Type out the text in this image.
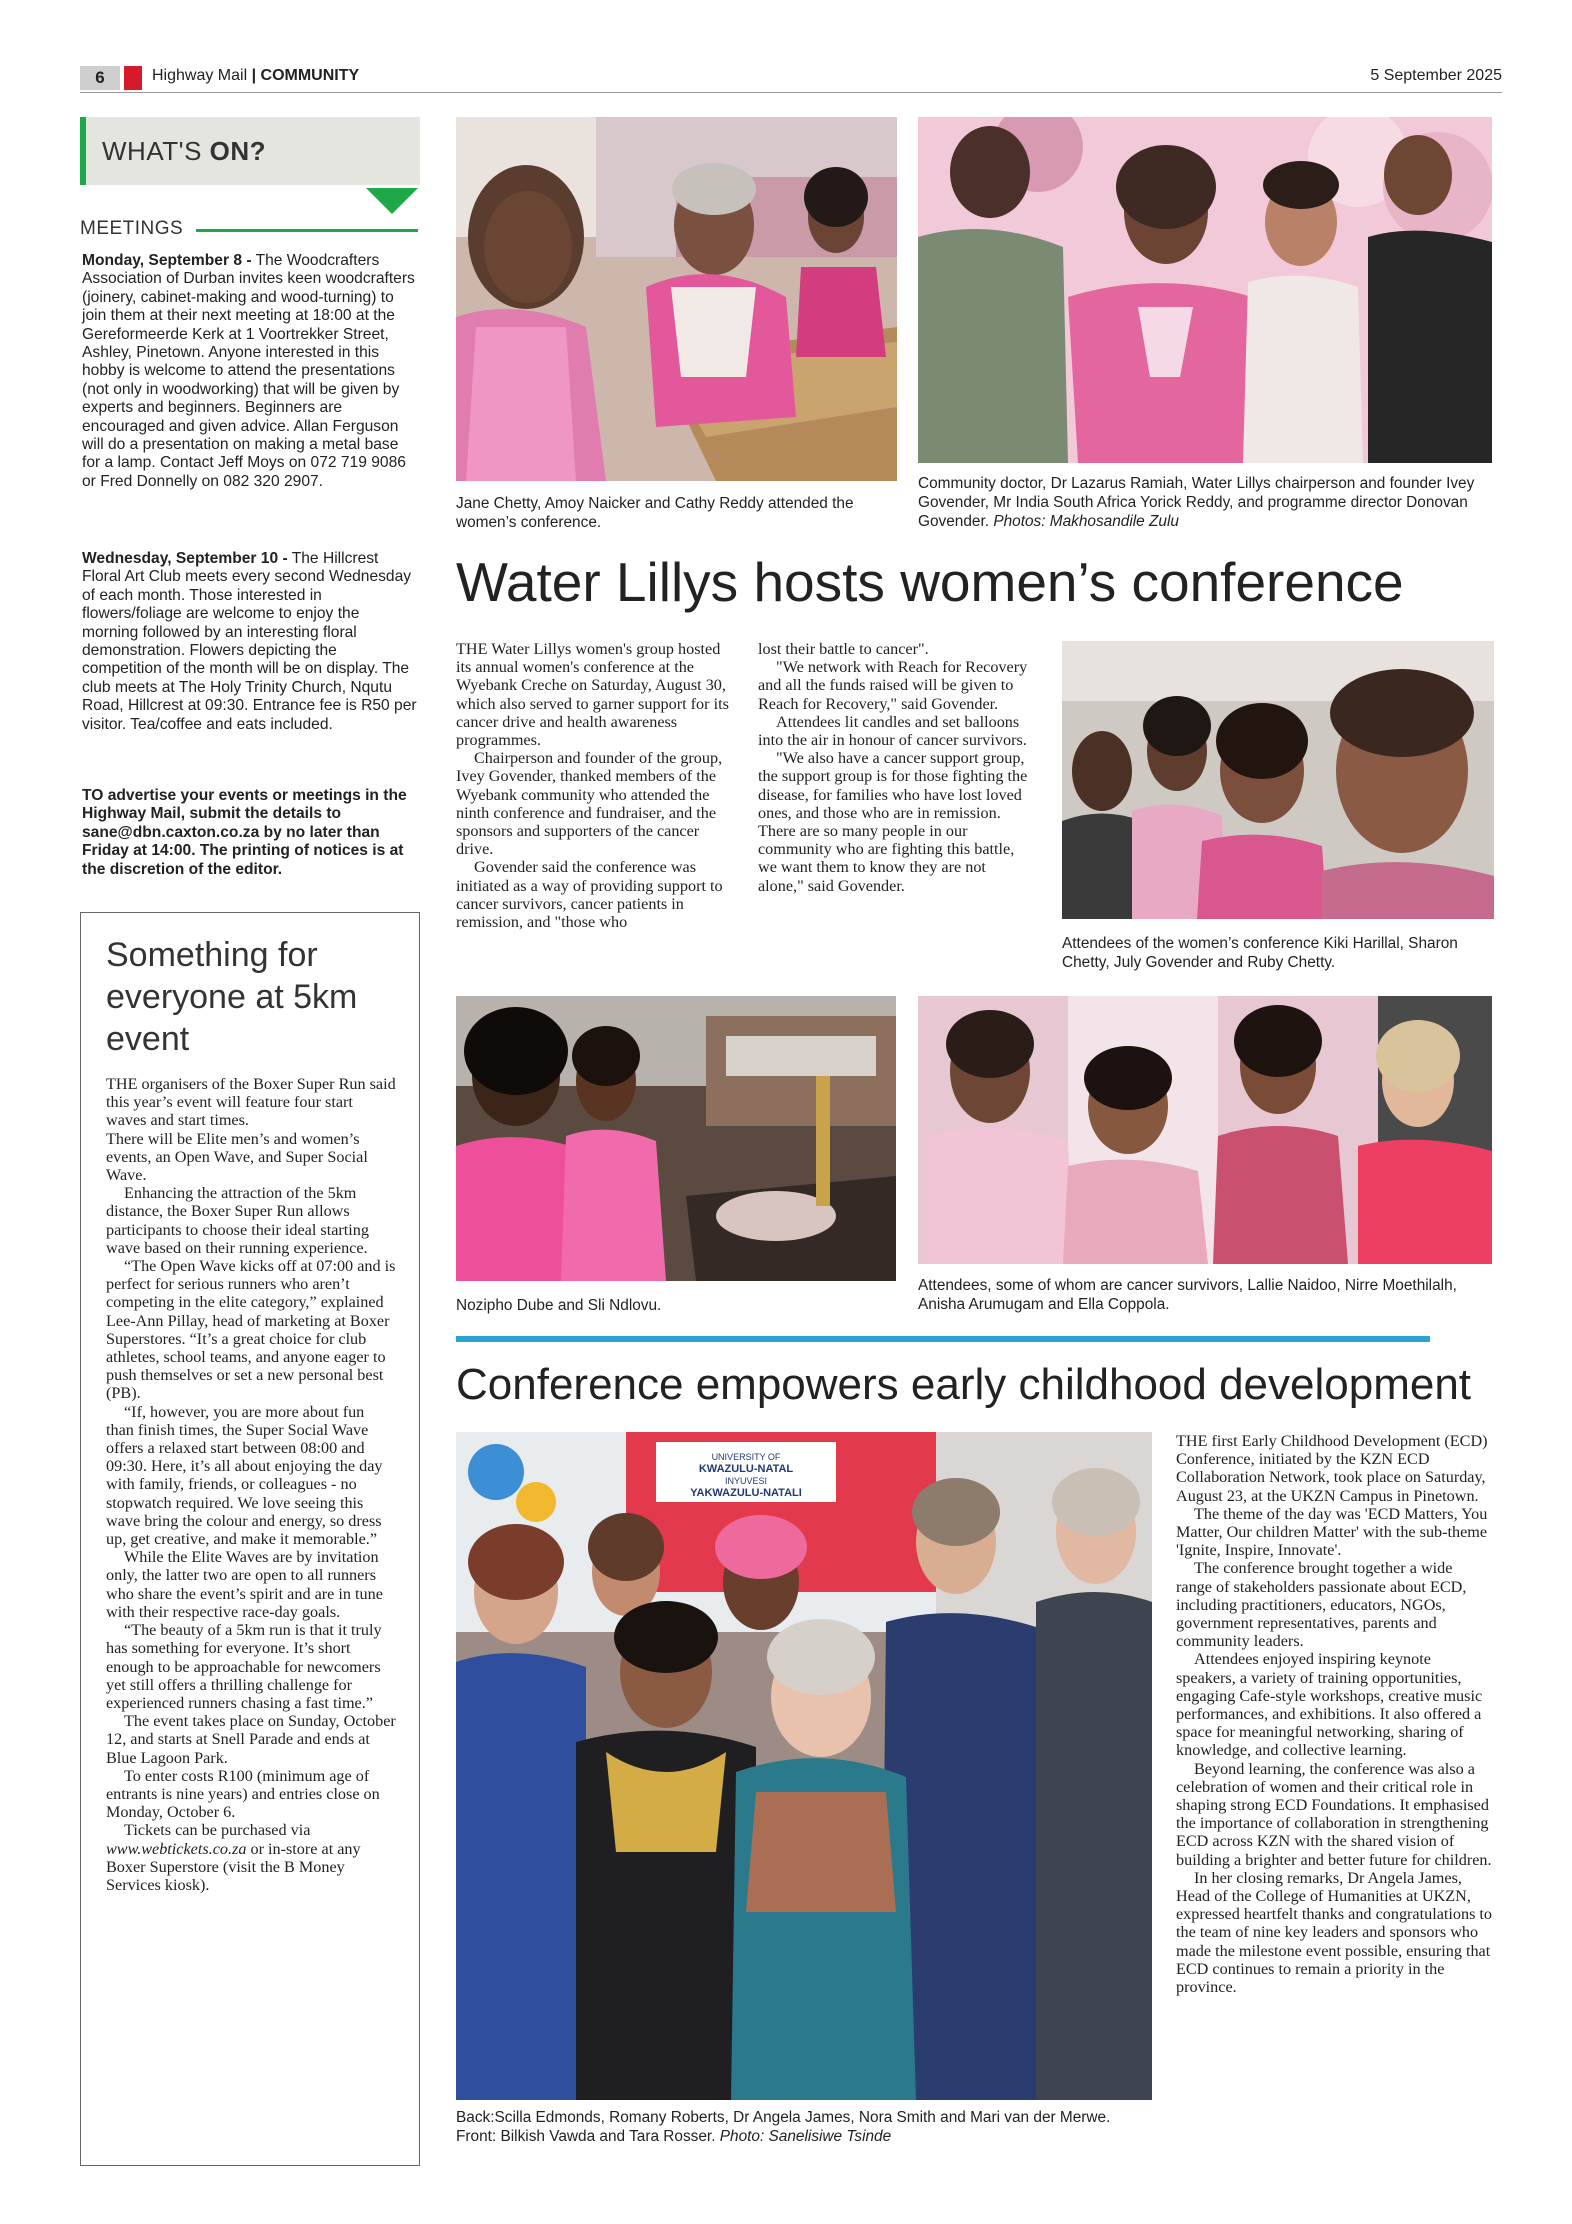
6	Highway Mail | COMMUNITY	5 September 2025
WHAT'S ON?
MEETINGS
Monday, September 8 - The Woodcrafters Association of Durban invites keen woodcrafters (joinery, cabinet-making and wood-turning) to join them at their next meeting at 18:00 at the Gereformeerde Kerk at 1 Voortrekker Street, Ashley, Pinetown. Anyone interested in this hobby is welcome to attend the presentations (not only in woodworking) that will be given by experts and beginners. Beginners are encouraged and given advice. Allan Ferguson will do a presentation on making a metal base for a lamp. Contact Jeff Moys on 072 719 9086 or Fred Donnelly on 082 320 2907.
Wednesday, September 10 - The Hillcrest Floral Art Club meets every second Wednesday of each month. Those interested in flowers/foliage are welcome to enjoy the morning followed by an interesting floral demonstration. Flowers depicting the competition of the month will be on display. The club meets at The Holy Trinity Church, Nqutu Road, Hillcrest at 09:30. Entrance fee is R50 per visitor. Tea/coffee and eats included.
TO advertise your events or meetings in the Highway Mail, submit the details to sane@dbn.caxton.co.za by no later than Friday at 14:00. The printing of notices is at the discretion of the editor.
Something for everyone at 5km event

THE organisers of the Boxer Super Run said this year’s event will feature four start waves and start times.

There will be Elite men’s and women’s events, an Open Wave, and Super Social Wave.

Enhancing the attraction of the 5km distance, the Boxer Super Run allows participants to choose their ideal starting wave based on their running experience.

“The Open Wave kicks off at 07:00 and is perfect for serious runners who aren’t competing in the elite category,” explained Lee-Ann Pillay, head of marketing at Boxer Superstores. “It’s a great choice for club athletes, school teams, and anyone eager to push themselves or set a new personal best (PB).

“If, however, you are more about fun than finish times, the Super Social Wave offers a relaxed start between 08:00 and 09:30. Here, it’s all about enjoying the day with family, friends, or colleagues - no stopwatch required. We love seeing this wave bring the colour and energy, so dress up, get creative, and make it memorable.”

While the Elite Waves are by invitation only, the latter two are open to all runners who share the event’s spirit and are in tune with their respective race-day goals.

“The beauty of a 5km run is that it truly has something for everyone. It’s short enough to be approachable for newcomers yet still offers a thrilling challenge for experienced runners chasing a fast time.”

The event takes place on Sunday, October 12, and starts at Snell Parade and ends at Blue Lagoon Park.

To enter costs R100 (minimum age of entrants is nine years) and entries close on Monday, October 6.

Tickets can be purchased via www.webtickets.co.za or in-store at any Boxer Superstore (visit the B Money Services kiosk).

Jane Chetty, Amoy Naicker and Cathy Reddy attended the women’s conference.
Community doctor, Dr Lazarus Ramiah, Water Lillys chairperson and founder Ivey Govender, Mr India South Africa Yorick Reddy, and programme director Donovan Govender. Photos: Makhosandile Zulu
Water Lillys hosts women’s conference

THE Water Lillys women's group hosted its annual women's conference at the Wyebank Creche on Saturday, August 30, which also served to garner support for its cancer drive and health awareness programmes.

Chairperson and founder of the group, Ivey Govender, thanked members of the Wyebank community who attended the ninth conference and fundraiser, and the sponsors and supporters of the cancer drive.

Govender said the conference was initiated as a way of providing support to cancer survivors, cancer patients in remission, and "those who

lost their battle to cancer".

"We network with Reach for Recovery and all the funds raised will be given to Reach for Recovery," said Govender.

Attendees lit candles and set balloons into the air in honour of cancer survivors.

"We also have a cancer support group, the support group is for those fighting the disease, for families who have lost loved ones, and those who are in remission. There are so many people in our community who are fighting this battle, we want them to know they are not alone," said Govender.

Attendees of the women’s conference Kiki Harillal, Sharon Chetty, July Govender and Ruby Chetty.
Nozipho Dube and Sli Ndlovu.
Attendees, some of whom are cancer survivors, Lallie Naidoo, Nirre Moethilalh, Anisha Arumugam and Ella Coppola.
Conference empowers early childhood development
UNIVERSITY OF
KWAZULU-NATAL
INYUVESI
YAKWAZULU-NATALI
Back:Scilla Edmonds, Romany Roberts, Dr Angela James, Nora Smith and Mari van der Merwe. Front: Bilkish Vawda and Tara Rosser. Photo: Sanelisiwe Tsinde

THE first Early Childhood Development (ECD) Conference, initiated by the KZN ECD Collaboration Network, took place on Saturday, August 23, at the UKZN Campus in Pinetown.

The theme of the day was 'ECD Matters, You Matter, Our children Matter' with the sub-theme 'Ignite, Inspire, Innovate'.

The conference brought together a wide range of stakeholders passionate about ECD, including practitioners, educators, NGOs, government representatives, parents and community leaders.

Attendees enjoyed inspiring keynote speakers, a variety of training opportunities, engaging Cafe-style workshops, creative music performances, and exhibitions. It also offered a space for meaningful networking, sharing of knowledge, and collective learning.

Beyond learning, the conference was also a celebration of women and their critical role in shaping strong ECD Foundations. It emphasised the importance of collaboration in strengthening ECD across KZN with the shared vision of building a brighter and better future for children.

In her closing remarks, Dr Angela James, Head of the College of Humanities at UKZN, expressed heartfelt thanks and congratulations to the team of nine key leaders and sponsors who made the milestone event possible, ensuring that ECD continues to remain a priority in the province.
